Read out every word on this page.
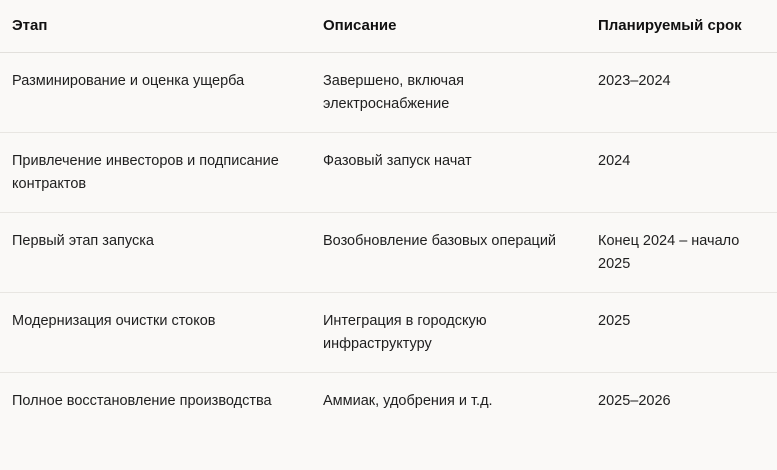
Этап	Описание	Планируемый срок
Разминирование и оценка ущерба	Завершено, включая электроснабжение	2023–2024
Привлечение инвесторов и подписание контрактов	Фазовый запуск начат	2024
Первый этап запуска	Возобновление базовых операций	Конец 2024 – начало 2025
Модернизация очистки стоков	Интеграция в городскую инфраструктуру	2025
Полное восстановление производства	Аммиак, удобрения и т.д.	2025–2026
